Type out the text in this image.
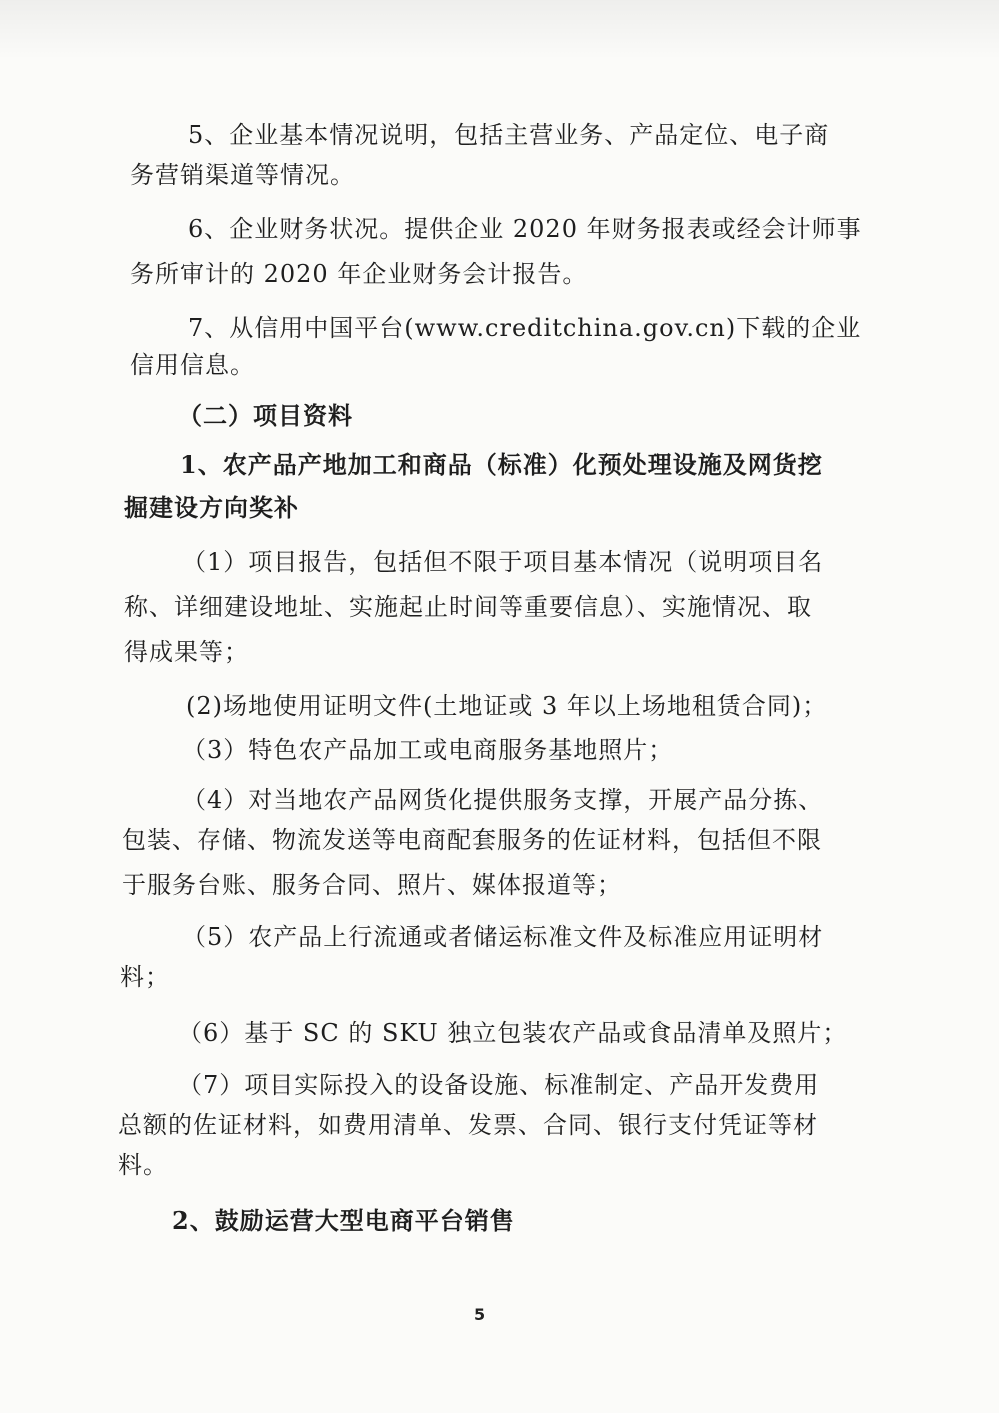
5、企业基本情况说明，包括主营业务、产品定位、电子商
务营销渠道等情况。
6、企业财务状况。提供企业 2020 年财务报表或经会计师事
务所审计的 2020 年企业财务会计报告。
7、从信用中国平台(www.creditchina.gov.cn)下载的企业
信用信息。
（二）项目资料
1、农产品产地加工和商品（标准）化预处理设施及网货挖
掘建设方向奖补
（1）项目报告，包括但不限于项目基本情况（说明项目名
称、详细建设地址、实施起止时间等重要信息）、实施情况、取
得成果等；
(2)场地使用证明文件(土地证或 3 年以上场地租赁合同)；
（3）特色农产品加工或电商服务基地照片；
（4）对当地农产品网货化提供服务支撑，开展产品分拣、
包装、存储、物流发送等电商配套服务的佐证材料，包括但不限
于服务台账、服务合同、照片、媒体报道等；
（5）农产品上行流通或者储运标准文件及标准应用证明材
料；
（6）基于 SC 的 SKU 独立包装农产品或食品清单及照片；
（7）项目实际投入的设备设施、标准制定、产品开发费用
总额的佐证材料，如费用清单、发票、合同、银行支付凭证等材
料。
2、鼓励运营大型电商平台销售
5
